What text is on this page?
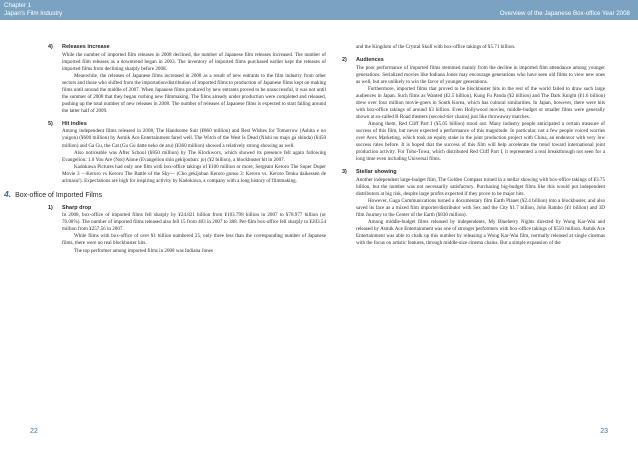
Chapter 1
Japan's Film Industry	Overview of the Japanese Box-office Year 2008
4) Releases increase

While the number of imported film releases in 2008 declined, the number of Japanese film releases increased. The number of imported film releases as a downtrend began in 2003. The inventory of imported films purchased earlier kept the releases of imported films from declining sharply before 2008.

Meanwhile, the releases of Japanese films increased in 2008 as a result of new entrants to the film industry from other sectors and those who shifted from the importation/distribution of imported films to production of Japanese films kept on making films until around the middle of 2007. When Japanese films produced by new entrants proved to be unsuccessful, it was not until the summer of 2008 that they began curbing new filmmaking. The films already under production were completed and released, pushing up the total number of new releases in 2008. The number of releases of Japanese films is expected to start falling around the latter half of 2009.

5) Hit indies

Among independent films released in 2008, The Handsome Suit (¥860 million) and Best Wishes for Tomorrow (Ashita e no yuigon) (¥600 million) by Asmik Ace Entertainment fared well. The Witch of the West Is Dead (Nishi no majo ga shinda) (¥450 million) and Ga Gu, the Cat (Gu Gu datte neko de aru) (¥360 million) showed a relatively strong showing as well.

Also noticeable was After School (¥850 million) by The Klockworx, which showed its presence felt again following Evangelion: 1.0 You Are (Not) Alone (Evangelion shin gekijouban: jo) (¥2 billion), a blockbuster hit in 2007.

Kadokawa Pictures had only one film with box-office takings of ¥100 million or more, Sergeant Keroro The Super Duper Movie 3 —Keroro vs Keroro The Battle of the Sky— (Cho gekijoban Keroro gunso 3: Keroro vs. Keroro Tenku daikessen de arimasu!). Expectations are high for inspiring activity by Kadokawa, a company with a long history of filmmaking.

4. Box-office of Imported Films
1) Sharp drop

In 2008, box-office of imported films fell sharply by ¥24.821 billion from ¥103.798 billion in 2007 to ¥78.977 billion (or 76.08%). The number of imported films released also fell 15 from 403 in 2007 to 388. Per-film box-office fell sharply to ¥203.54 million from ¥257.56 in 2007.

While films with box-office of over ¥1 billion numbered 25, only three less than the corresponding number of Japanese films, there were no real blockbuster hits.

The top performer among imported films in 2008 was Indiana Jones

and the Kingdom of the Crystal Skull with box-office takings of ¥5.71 billion.

2) Audiences

The poor performance of imported films stemmed mainly from the decline in imported film attendance among younger generations. Serialized movies like Indiana Jones may encourage generations who have seen old films to view new ones as well, but are unlikely to win the favor of younger generations.

Furthermore, imported films that proved to be blockbuster hits in the rest of the world failed to draw such large audiences in Japan. Such films as Wanted (¥2.5 billion), Kung Fu Panda (¥2 billion) and The Dark Knight (¥1.6 billion) drew over four million movie-goers in South Korea, which has cultural similarities. In Japan, however, there were hits with box-office takings of around ¥3 billion. Even Hollywood movies, middle-budget or smaller films were generally shown at so-called B Road theaters (second-tier chains) just like throwaway matches.

Among them, Red Cliff Part I (¥5.05 billion) stood out. Many industry people anticipated a certain measure of success of this film, but never expected a performance of this magnitude. In particular, not a few people voiced worries over Avex Marketing, which took an equity stake in the joint production project with China, an endeavor with very low success rates before. It is hoped that the success of this film will help accelerate the trend toward international joint production activity. For Toho-Towa, which distributed Red Cliff Part I, it represented a real breakthrough not seen for a long time even including Universal films.

3) Stellar showing

Another independent large-budget film, The Golden Compass turned in a stellar showing with box-office takings of ¥3.75 billion, but the number was not necessarily satisfactory. Purchasing big-budget films like this would put independent distributors at big risk, despite large profits expected if they prove to be major hits.

However, Gaga Communications turned a documentary film Earth Planet (¥2.4 billion) into a blockbuster, and also saved its face as a mixed film importer/distributor with Sex and the City ¥1.7 billion, John Rambo (¥1 billion) and 3D film Journey to the Center of the Earth (¥830 million).

Among middle-budget films released by independents, My Blueberry Nights directed by Wong Kar-Wai and released by Asmik Ace Entertainment was one of stronger performers with box-office takings of ¥550 million. Asmik Ace Entertainment was able to chalk up this number by releasing a Wong Kar-Wai film, normally released at single cinemas with the focus on artistic features, through middle-size cinema chains. But a simple expansion of the

22	23
